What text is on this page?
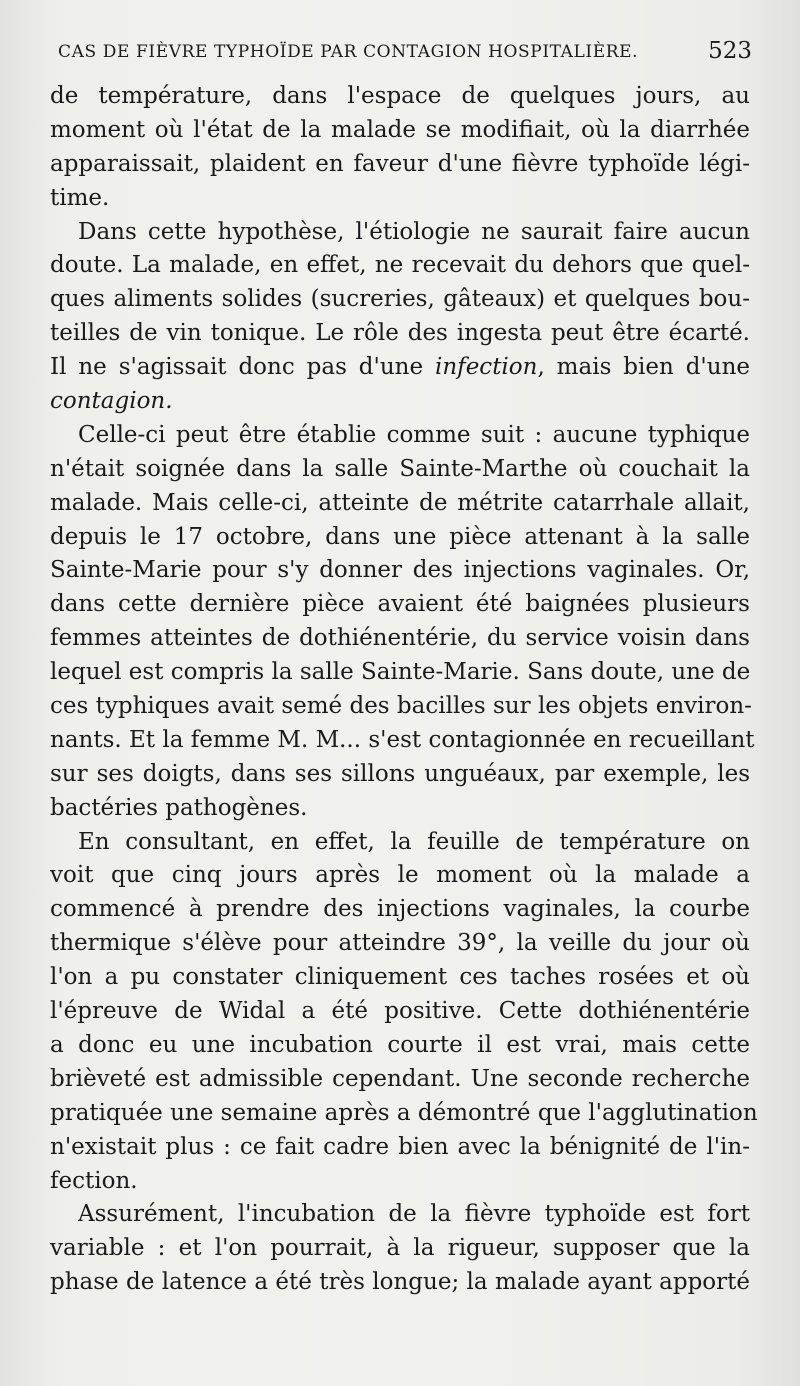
CAS DE FIÈVRE TYPHOÏDE PAR CONTAGION HOSPITALIÈRE.	523
de température, dans l'espace de quelques jours, au
moment où l'état de la malade se modifiait, où la diarrhée
apparaissait, plaident en faveur d'une fièvre typhoïde légi-
time.
Dans cette hypothèse, l'étiologie ne saurait faire aucun
doute. La malade, en effet, ne recevait du dehors que quel-
ques aliments solides (sucreries, gâteaux) et quelques bou-
teilles de vin tonique. Le rôle des ingesta peut être écarté.
Il ne s'agissait donc pas d'une infection, mais bien d'une
contagion.
Celle-ci peut être établie comme suit : aucune typhique
n'était soignée dans la salle Sainte-Marthe où couchait la
malade. Mais celle-ci, atteinte de métrite catarrhale allait,
depuis le 17 octobre, dans une pièce attenant à la salle
Sainte-Marie pour s'y donner des injections vaginales. Or,
dans cette dernière pièce avaient été baignées plusieurs
femmes atteintes de dothiénentérie, du service voisin dans
lequel est compris la salle Sainte-Marie. Sans doute, une de
ces typhiques avait semé des bacilles sur les objets environ-
nants. Et la femme M. M... s'est contagionnée en recueillant
sur ses doigts, dans ses sillons unguéaux, par exemple, les
bactéries pathogènes.
En consultant, en effet, la feuille de température on
voit que cinq jours après le moment où la malade a
commencé à prendre des injections vaginales, la courbe
thermique s'élève pour atteindre 39°, la veille du jour où
l'on a pu constater cliniquement ces taches rosées et où
l'épreuve de Widal a été positive. Cette dothiénentérie
a donc eu une incubation courte il est vrai, mais cette
brièveté est admissible cependant. Une seconde recherche
pratiquée une semaine après a démontré que l'agglutination
n'existait plus : ce fait cadre bien avec la bénignité de l'in-
fection.
Assurément, l'incubation de la fièvre typhoïde est fort
variable : et l'on pourrait, à la rigueur, supposer que la
phase de latence a été très longue; la malade ayant apporté
